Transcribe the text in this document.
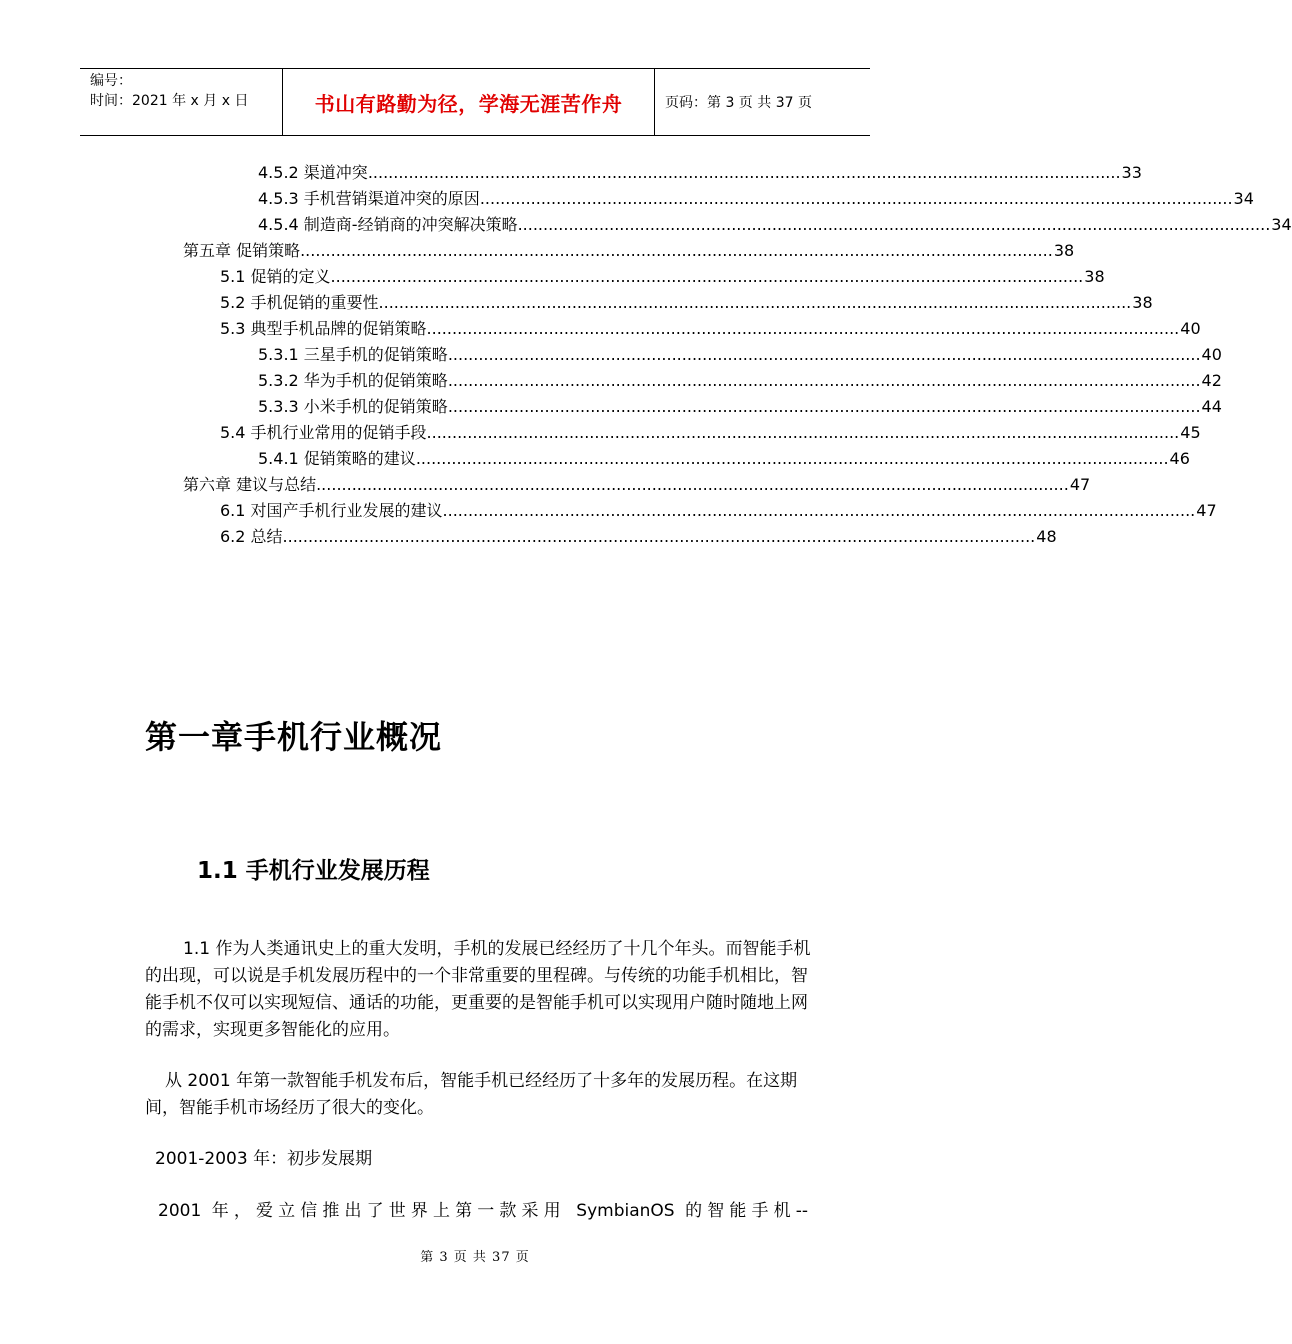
编号：
时间：2021 年 x 月 x 日	书山有路勤为径，学海无涯苦作舟	页码：第 3 页 共 37 页
4.5.2 渠道冲突 .................................................................................................................................................... 33
4.5.3 手机营销渠道冲突的原因 .................................................................................................................................................... 34
4.5.4 制造商-经销商的冲突解决策略 .................................................................................................................................................... 34
第五章 促销策略 .................................................................................................................................................... 38
5.1 促销的定义 .................................................................................................................................................... 38
5.2 手机促销的重要性 .................................................................................................................................................... 38
5.3 典型手机品牌的促销策略 .................................................................................................................................................... 40
5.3.1 三星手机的促销策略 .................................................................................................................................................... 40
5.3.2 华为手机的促销策略 .................................................................................................................................................... 42
5.3.3 小米手机的促销策略 .................................................................................................................................................... 44
5.4 手机行业常用的促销手段 .................................................................................................................................................... 45
5.4.1 促销策略的建议 .................................................................................................................................................... 46
第六章 建议与总结 .................................................................................................................................................... 47
6.1 对国产手机行业发展的建议 .................................................................................................................................................... 47
6.2 总结 .................................................................................................................................................... 48
第一章手机行业概况
1.1 手机行业发展历程
1.1 作为人类通讯史上的重大发明，手机的发展已经经历了十几个年头。而智能手机的出现，可以说是手机发展历程中的一个非常重要的里程碑。与传统的功能手机相比，智能手机不仅可以实现短信、通话的功能，更重要的是智能手机可以实现用户随时随地上网的需求，实现更多智能化的应用。
从 2001 年第一款智能手机发布后，智能手机已经经历了十多年的发展历程。在这期间，智能手机市场经历了很大的变化。
2001-2003 年：初步发展期
2001 年，爱立信推出了世界上第一款采用 SymbianOS 的智能手机--
第 3 页 共 37 页
